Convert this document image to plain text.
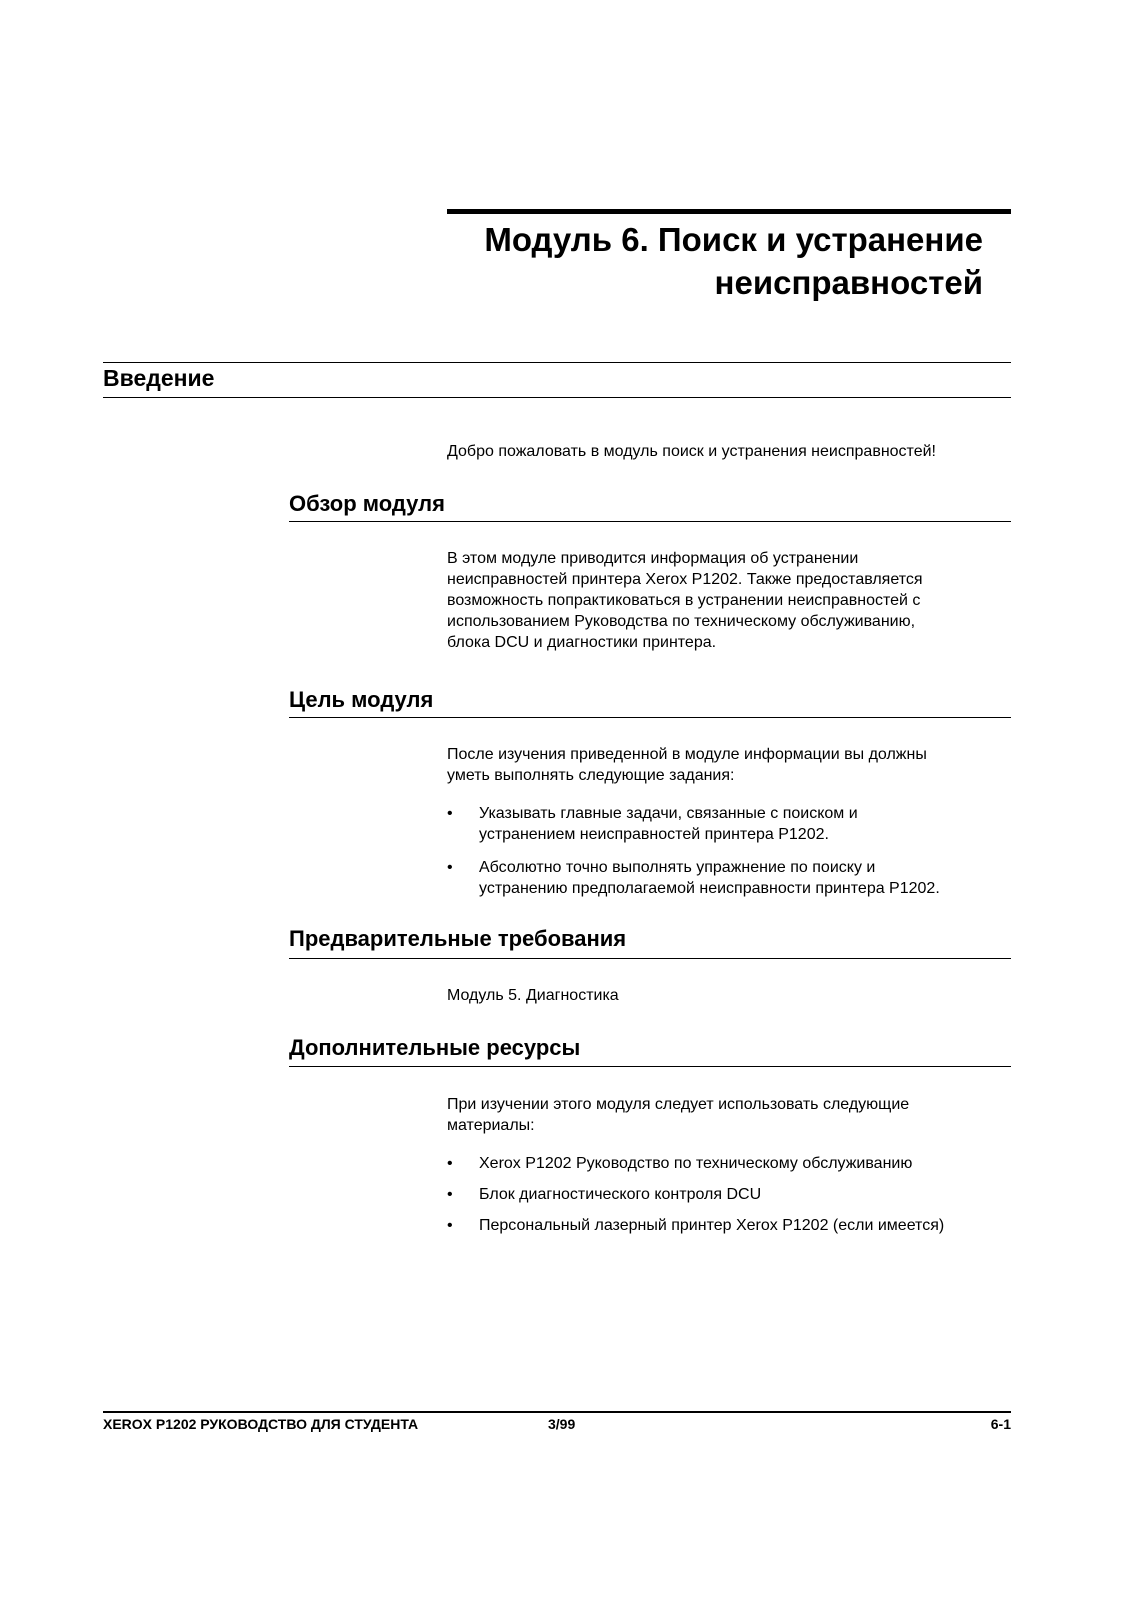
Модуль 6. Поиск и устранение
неисправностей
Введение

Добро пожаловать в модуль поиск и устранения неисправностей!

Обзор модуля

В этом модуле приводится информация об устранении

неисправностей принтера Xerox P1202. Также предоставляется

возможность попрактиковаться в устранении неисправностей с

использованием Руководства по техническому обслуживанию,

блока DCU и диагностики принтера.

Цель модуля

После изучения приведенной в модуле информации вы должны

уметь выполнять следующие задания:

• Указывать главные задачи, связанные с поиском и
устранением неисправностей принтера P1202.
• Абсолютно точно выполнять упражнение по поиску и
устранению предполагаемой неисправности принтера P1202.
Предварительные требования

Модуль 5. Диагностика

Дополнительные ресурсы

При изучении этого модуля следует использовать следующие

материалы:

• Xerox P1202 Руководство по техническому обслуживанию
• Блок диагностического контроля DCU
• Персональный лазерный принтер Xerox P1202 (если имеется)
XEROX P1202 РУКОВОДСТВО ДЛЯ СТУДЕНТА	3/99	6-1
